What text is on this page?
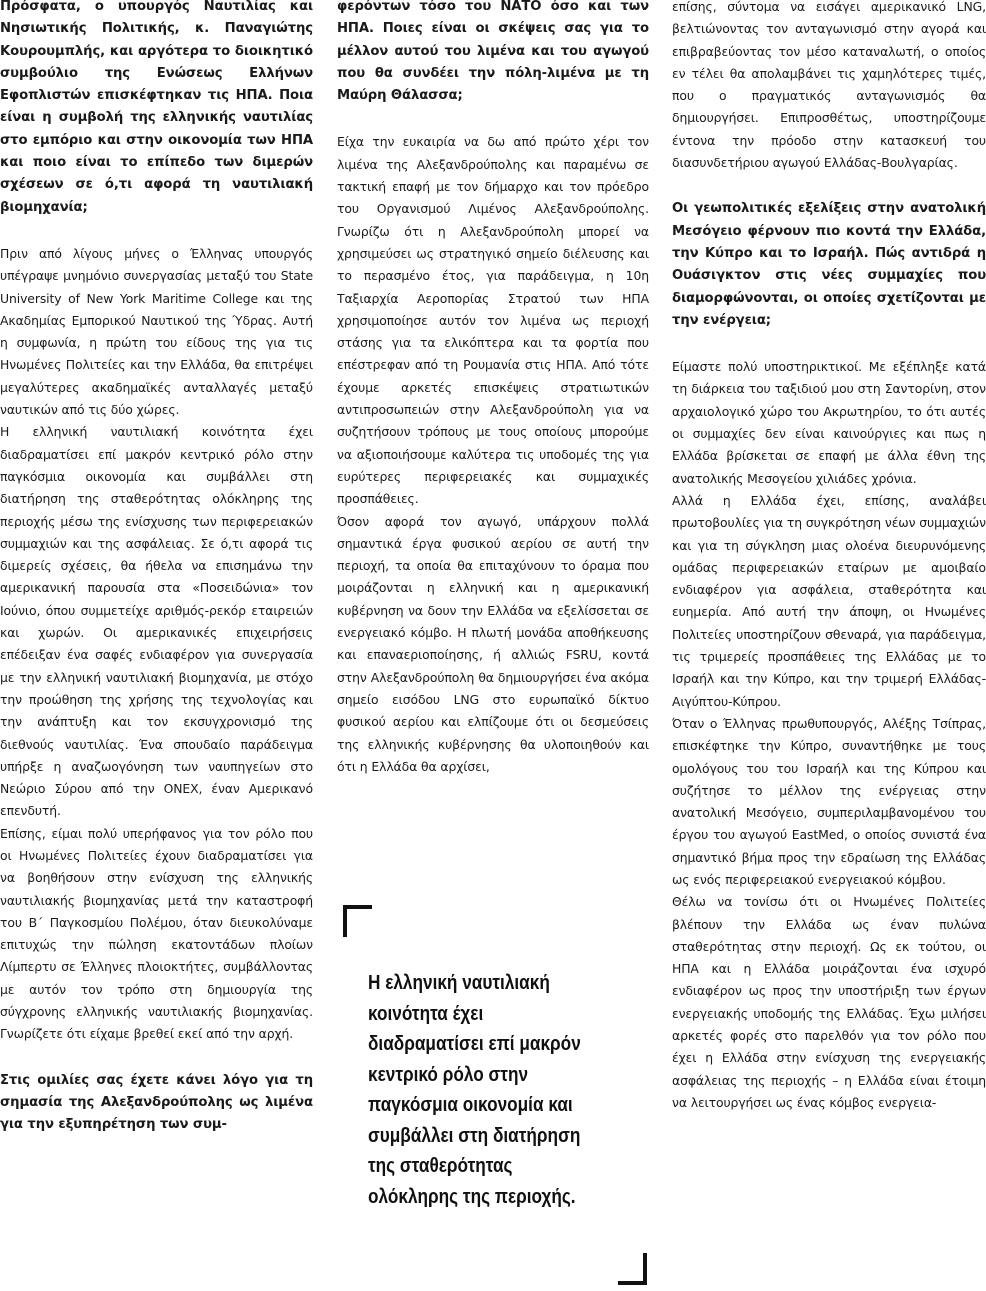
Πρόσφατα, ο υπουργός Ναυτιλίας και Νησιωτικής Πολιτικής, κ. Παναγιώτης Κουρουμπλής, και αργότερα το διοικητικό συμβούλιο της Ενώσεως Ελλήνων Εφοπλιστών επισκέφτηκαν τις ΗΠΑ. Ποια είναι η συμβολή της ελληνικής ναυτιλίας στο εμπόριο και στην οικονομία των ΗΠΑ και ποιο είναι το επίπεδο των διμερών σχέσεων σε ό,τι αφορά τη ναυτιλιακή βιομηχανία;

Πριν από λίγους μήνες ο Έλληνας υπουργός υπέγραψε μνημόνιο συνεργασίας μεταξύ του State University of New York Maritime College και της Ακαδημίας Εμπορικού Ναυτικού της Ύδρας. Αυτή η συμφωνία, η πρώτη του είδους της για τις Ηνωμένες Πολιτείες και την Ελλάδα, θα επιτρέψει μεγαλύτερες ακαδημαϊκές ανταλλαγές μεταξύ ναυτικών από τις δύο χώρες.

Η ελληνική ναυτιλιακή κοινότητα έχει διαδραματίσει επί μακρόν κεντρικό ρόλο στην παγκόσμια οικονομία και συμβάλλει στη διατήρηση της σταθερότητας ολόκληρης της περιοχής μέσω της ενίσχυσης των περιφερειακών συμμαχιών και της ασφάλειας. Σε ό,τι αφορά τις διμερείς σχέσεις, θα ήθελα να επισημάνω την αμερικανική παρουσία στα «Ποσειδώνια» τον Ιούνιο, όπου συμμετείχε αριθμός-ρεκόρ εταιρειών και χωρών. Οι αμερικανικές επιχειρήσεις επέδειξαν ένα σαφές ενδιαφέρον για συνεργασία με την ελληνική ναυτιλιακή βιομηχανία, με στόχο την προώθηση της χρήσης της τεχνολογίας και την ανάπτυξη και τον εκσυγχρονισμό της διεθνούς ναυτιλίας. Ένα σπουδαίο παράδειγμα υπήρξε η αναζωογόνηση των ναυπηγείων στο Νεώριο Σύρου από την ONEX, έναν Αμερικανό επενδυτή.

Επίσης, είμαι πολύ υπερήφανος για τον ρόλο που οι Ηνωμένες Πολιτείες έχουν διαδραματίσει για να βοηθήσουν στην ενίσχυση της ελληνικής ναυτιλιακής βιομηχανίας μετά την καταστροφή του Β΄ Παγκοσμίου Πολέμου, όταν διευκολύναμε επιτυχώς την πώληση εκατοντάδων πλοίων Λίμπερτυ σε Έλληνες πλοιοκτήτες, συμβάλλοντας με αυτόν τον τρόπο στη δημιουργία της σύγχρονης ελληνικής ναυτιλιακής βιομηχανίας. Γνωρίζετε ότι είχαμε βρεθεί εκεί από την αρχή.

Στις ομιλίες σας έχετε κάνει λόγο για τη σημασία της Αλεξανδρούπολης ως λιμένα για την εξυπηρέτηση των συμ-

φερόντων τόσο του ΝΑΤΟ όσο και των ΗΠΑ. Ποιες είναι οι σκέψεις σας για το μέλλον αυτού του λιμένα και του αγωγού που θα συνδέει την πόλη-λιμένα με τη Μαύρη Θάλασσα;

Είχα την ευκαιρία να δω από πρώτο χέρι τον λιμένα της Αλεξανδρούπολης και παραμένω σε τακτική επαφή με τον δήμαρχο και τον πρόεδρο του Οργανισμού Λιμένος Αλεξανδρούπολης. Γνωρίζω ότι η Αλεξανδρούπολη μπορεί να χρησιμεύσει ως στρατηγικό σημείο διέλευσης και το περασμένο έτος, για παράδειγμα, η 10η Ταξιαρχία Αεροπορίας Στρατού των ΗΠΑ χρησιμοποίησε αυτόν τον λιμένα ως περιοχή στάσης για τα ελικόπτερα και τα φορτία που επέστρεφαν από τη Ρουμανία στις ΗΠΑ. Από τότε έχουμε αρκετές επισκέψεις στρατιωτικών αντιπροσωπειών στην Αλεξανδρούπολη για να συζητήσουν τρόπους με τους οποίους μπορούμε να αξιοποιήσουμε καλύτερα τις υποδομές της για ευρύτερες περιφερειακές και συμμαχικές προσπάθειες.

Όσον αφορά τον αγωγό, υπάρχουν πολλά σημαντικά έργα φυσικού αερίου σε αυτή την περιοχή, τα οποία θα επιταχύνουν το όραμα που μοιράζονται η ελληνική και η αμερικανική κυβέρνηση να δουν την Ελλάδα να εξελίσσεται σε ενεργειακό κόμβο. Η πλωτή μονάδα αποθήκευσης και επαναεριοποίησης, ή αλλιώς FSRU, κοντά στην Αλεξανδρούπολη θα δημιουργήσει ένα ακόμα σημείο εισόδου LNG στο ευρωπαϊκό δίκτυο φυσικού αερίου και ελπίζουμε ότι οι δεσμεύσεις της ελληνικής κυβέρνησης θα υλοποιηθούν και ότι η Ελλάδα θα αρχίσει,

Η ελληνική ναυτιλιακή κοινότητα έχει διαδραματίσει επί μακρόν κεντρικό ρόλο στην παγκόσμια οικονομία και συμβάλλει στη διατήρηση της σταθερότητας ολόκληρης της περιοχής.

επίσης, σύντομα να εισάγει αμερικανικό LNG, βελτιώνοντας τον ανταγωνισμό στην αγορά και επιβραβεύοντας τον μέσο καταναλωτή, ο οποίος εν τέλει θα απολαμβάνει τις χαμηλότερες τιμές, που ο πραγματικός ανταγωνισμός θα δημιουργήσει. Επιπροσθέτως, υποστηρίζουμε έντονα την πρόοδο στην κατασκευή του διασυνδετήριου αγωγού Ελλάδας-Βουλγαρίας.

Οι γεωπολιτικές εξελίξεις στην ανατολική Μεσόγειο φέρνουν πιο κοντά την Ελλάδα, την Κύπρο και το Ισραήλ. Πώς αντιδρά η Ουάσιγκτον στις νέες συμμαχίες που διαμορφώνονται, οι οποίες σχετίζονται με την ενέργεια;

Είμαστε πολύ υποστηρικτικοί. Με εξέπληξε κατά τη διάρκεια του ταξιδιού μου στη Σαντορίνη, στον αρχαιολογικό χώρο του Ακρωτηρίου, το ότι αυτές οι συμμαχίες δεν είναι καινούργιες και πως η Ελλάδα βρίσκεται σε επαφή με άλλα έθνη της ανατολικής Μεσογείου χιλιάδες χρόνια.

Αλλά η Ελλάδα έχει, επίσης, αναλάβει πρωτοβουλίες για τη συγκρότηση νέων συμμαχιών και για τη σύγκληση μιας ολοένα διευρυνόμενης ομάδας περιφερειακών εταίρων με αμοιβαίο ενδιαφέρον για ασφάλεια, σταθερότητα και ευημερία. Από αυτή την άποψη, οι Ηνωμένες Πολιτείες υποστηρίζουν σθεναρά, για παράδειγμα, τις τριμερείς προσπάθειες της Ελλάδας με το Ισραήλ και την Κύπρο, και την τριμερή Ελλάδας-Αιγύπτου-Κύπρου.

Όταν ο Έλληνας πρωθυπουργός, Αλέξης Τσίπρας, επισκέφτηκε την Κύπρο, συναντήθηκε με τους ομολόγους του του Ισραήλ και της Κύπρου και συζήτησε το μέλλον της ενέργειας στην ανατολική Μεσόγειο, συμπεριλαμβανομένου του έργου του αγωγού EastMed, ο οποίος συνιστά ένα σημαντικό βήμα προς την εδραίωση της Ελλάδας ως ενός περιφερειακού ενεργειακού κόμβου.

Θέλω να τονίσω ότι οι Ηνωμένες Πολιτείες βλέπουν την Ελλάδα ως έναν πυλώνα σταθερότητας στην περιοχή. Ως εκ τούτου, οι ΗΠΑ και η Ελλάδα μοιράζονται ένα ισχυρό ενδιαφέρον ως προς την υποστήριξη των έργων ενεργειακής υποδομής της Ελλάδας. Έχω μιλήσει αρκετές φορές στο παρελθόν για τον ρόλο που έχει η Ελλάδα στην ενίσχυση της ενεργειακής ασφάλειας της περιοχής – η Ελλάδα είναι έτοιμη να λειτουργήσει ως ένας κόμβος ενεργεια-
